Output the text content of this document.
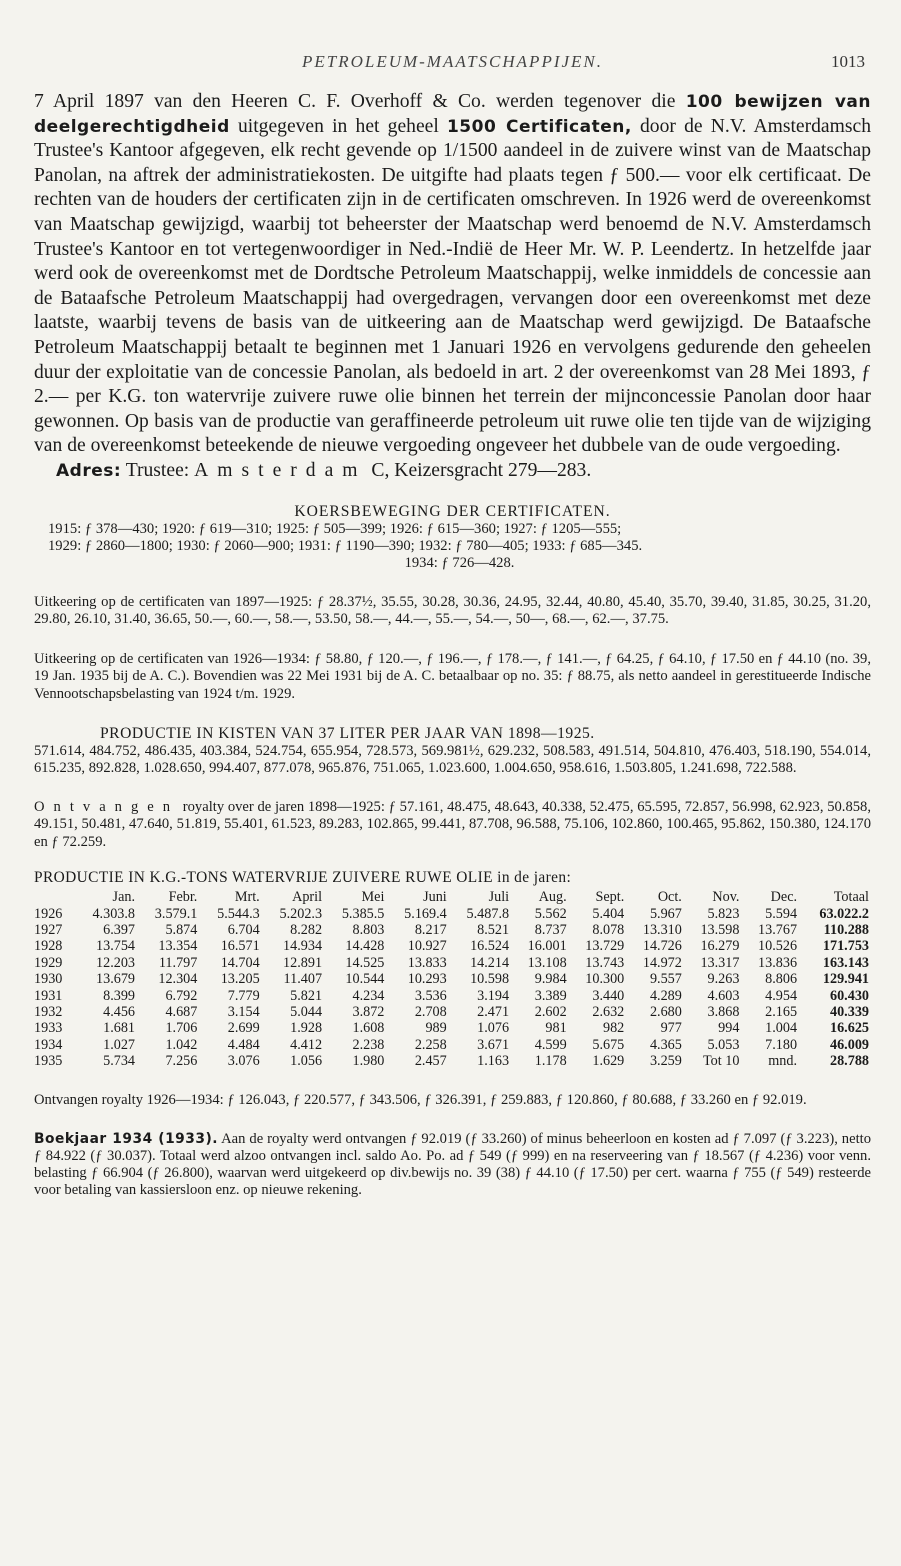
PETROLEUM-MAATSCHAPPIJEN.	1013

7 April 1897 van den Heeren C. F. Overhoff & Co. werden tegenover die 100 bewijzen van deelgerechtigdheid uitgegeven in het geheel 1500 Certificaten, door de N.V. Amsterdamsch Trustee's Kantoor afgegeven, elk recht gevende op 1/1500 aandeel in de zuivere winst van de Maatschap Panolan, na aftrek der administratiekosten. De uitgifte had plaats tegen ƒ 500.— voor elk certificaat. De rechten van de houders der certificaten zijn in de certificaten omschreven. In 1926 werd de overeenkomst van Maatschap gewijzigd, waarbij tot beheerster der Maatschap werd benoemd de N.V. Amsterdamsch Trustee's Kantoor en tot vertegenwoordiger in Ned.-Indië de Heer Mr. W. P. Leendertz. In hetzelfde jaar werd ook de overeenkomst met de Dordtsche Petroleum Maatschappij, welke inmiddels de concessie aan de Bataafsche Petroleum Maatschappij had overgedragen, vervangen door een overeenkomst met deze laatste, waarbij tevens de basis van de uitkeering aan de Maatschap werd gewijzigd. De Bataafsche Petroleum Maatschappij betaalt te beginnen met 1 Januari 1926 en vervolgens gedurende den geheelen duur der exploitatie van de concessie Panolan, als bedoeld in art. 2 der overeenkomst van 28 Mei 1893, ƒ 2.— per K.G. ton watervrije zuivere ruwe olie binnen het terrein der mijnconcessie Panolan door haar gewonnen. Op basis van de productie van geraffineerde petroleum uit ruwe olie ten tijde van de wijziging van de overeenkomst beteekende de nieuwe vergoeding ongeveer het dubbele van de oude vergoeding.

Adres: Trustee: Amsterdam C, Keizersgracht 279—283.
KOERSBEWEGING DER CERTIFICATEN.
1915: ƒ 378—430; 1920: ƒ 619—310; 1925: ƒ 505—399; 1926: ƒ 615—360; 1927: ƒ 1205—555;
1929: ƒ 2860—1800; 1930: ƒ 2060—900; 1931: ƒ 1190—390; 1932: ƒ 780—405; 1933: ƒ 685—345.
1934: ƒ 726—428.
Uitkeering op de certificaten van 1897—1925: ƒ 28.37½, 35.55, 30.28, 30.36, 24.95, 32.44, 40.80, 45.40, 35.70, 39.40, 31.85, 30.25, 31.20, 29.80, 26.10, 31.40, 36.65, 50.—, 60.—, 58.—, 53.50, 58.—, 44.—, 55.—, 54.—, 50—, 68.—, 62.—, 37.75.
Uitkeering op de certificaten van 1926—1934: ƒ 58.80, ƒ 120.—, ƒ 196.—, ƒ 178.—, ƒ 141.—, ƒ 64.25, ƒ 64.10, ƒ 17.50 en ƒ 44.10 (no. 39, 19 Jan. 1935 bij de A. C.). Bovendien was 22 Mei 1931 bij de A. C. betaalbaar op no. 35: ƒ 88.75, als netto aandeel in gerestitueerde Indische Vennootschapsbelasting van 1924 t/m. 1929.
PRODUCTIE IN KISTEN VAN 37 LITER PER JAAR VAN 1898—1925.
571.614, 484.752, 486.435, 403.384, 524.754, 655.954, 728.573, 569.981½, 629.232, 508.583, 491.514, 504.810, 476.403, 518.190, 554.014, 615.235, 892.828, 1.028.650, 994.407, 877.078, 965.876, 751.065, 1.023.600, 1.004.650, 958.616, 1.503.805, 1.241.698, 722.588.
Ontvangen royalty over de jaren 1898—1925: ƒ 57.161, 48.475, 48.643, 40.338, 52.475, 65.595, 72.857, 56.998, 62.923, 50.858, 49.151, 50.481, 47.640, 51.819, 55.401, 61.523, 89.283, 102.865, 99.441, 87.708, 96.588, 75.106, 102.860, 100.465, 95.862, 150.380, 124.170 en ƒ 72.259.
PRODUCTIE IN K.G.-TONS WATERVRIJE ZUIVERE RUWE OLIE in de jaren:
	Jan.	Febr.	Mrt.	April	Mei	Juni	Juli	Aug.	Sept.	Oct.	Nov.	Dec.	Totaal
1926	4.303.8	3.579.1	5.544.3	5.202.3	5.385.5	5.169.4	5.487.8	5.562	5.404	5.967	5.823	5.594	63.022.2
1927	6.397	5.874	6.704	8.282	8.803	8.217	8.521	8.737	8.078	13.310	13.598	13.767	110.288
1928	13.754	13.354	16.571	14.934	14.428	10.927	16.524	16.001	13.729	14.726	16.279	10.526	171.753
1929	12.203	11.797	14.704	12.891	14.525	13.833	14.214	13.108	13.743	14.972	13.317	13.836	163.143
1930	13.679	12.304	13.205	11.407	10.544	10.293	10.598	9.984	10.300	9.557	9.263	8.806	129.941
1931	8.399	6.792	7.779	5.821	4.234	3.536	3.194	3.389	3.440	4.289	4.603	4.954	60.430
1932	4.456	4.687	3.154	5.044	3.872	2.708	2.471	2.602	2.632	2.680	3.868	2.165	40.339
1933	1.681	1.706	2.699	1.928	1.608	989	1.076	981	982	977	994	1.004	16.625
1934	1.027	1.042	4.484	4.412	2.238	2.258	3.671	4.599	5.675	4.365	5.053	7.180	46.009
1935	5.734	7.256	3.076	1.056	1.980	2.457	1.163	1.178	1.629	3.259	Tot 10	mnd.	28.788
Ontvangen royalty 1926—1934: ƒ 126.043, ƒ 220.577, ƒ 343.506, ƒ 326.391, ƒ 259.883, ƒ 120.860, ƒ 80.688, ƒ 33.260 en ƒ 92.019.
Boekjaar 1934 (1933). Aan de royalty werd ontvangen ƒ 92.019 (ƒ 33.260) of minus beheerloon en kosten ad ƒ 7.097 (ƒ 3.223), netto ƒ 84.922 (ƒ 30.037). Totaal werd alzoo ontvangen incl. saldo Ao. Po. ad ƒ 549 (ƒ 999) en na reserveering van ƒ 18.567 (ƒ 4.236) voor venn. belasting ƒ 66.904 (ƒ 26.800), waarvan werd uitgekeerd op div.bewijs no. 39 (38) ƒ 44.10 (ƒ 17.50) per cert. waarna ƒ 755 (ƒ 549) resteerde voor betaling van kassiersloon enz. op nieuwe rekening.
